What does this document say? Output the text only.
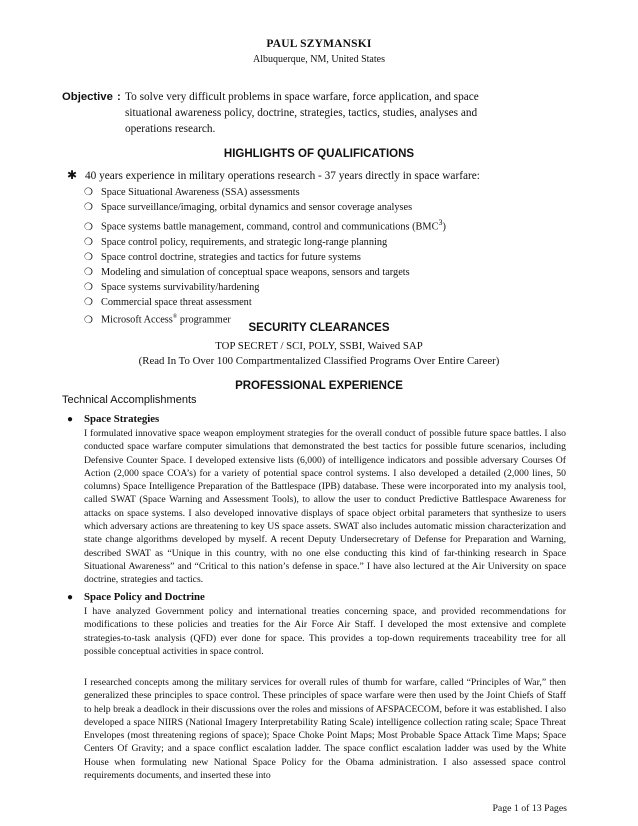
PAUL SZYMANSKI
Albuquerque, NM, United States
Objective : To solve very difficult problems in space warfare, force application, and space
situational awareness policy, doctrine, strategies, tactics, studies, analyses and
operations research.
HIGHLIGHTS OF QUALIFICATIONS
✱ 40 years experience in military operations research - 37 years directly in space warfare:
❍ Space Situational Awareness (SSA) assessments
❍ Space surveillance/imaging, orbital dynamics and sensor coverage analyses
❍ Space systems battle management, command, control and communications (BMC$^3$)
❍ Space control policy, requirements, and strategic long-range planning
❍ Space control doctrine, strategies and tactics for future systems
❍ Modeling and simulation of conceptual space weapons, sensors and targets
❍ Space systems survivability/hardening
❍ Commercial space threat assessment
❍ Microsoft Access® programmer
SECURITY CLEARANCES
TOP SECRET / SCI, POLY, SSBI, Waived SAP
(Read In To Over 100 Compartmentalized Classified Programs Over Entire Career)
PROFESSIONAL EXPERIENCE
Technical Accomplishments
● Space Strategies
I formulated innovative space weapon employment strategies for the overall conduct of possible future space battles. I also conducted space warfare computer simulations that demonstrated the best tactics for possible future scenarios, including Defensive Counter Space. I developed extensive lists (6,000) of intelligence indicators and possible adversary Courses Of Action (2,000 space COA’s) for a variety of potential space control systems. I also developed a detailed (2,000 lines, 50 columns) Space Intelligence Preparation of the Battlespace (IPB) database. These were incorporated into my analysis tool, called SWAT (Space Warning and Assessment Tools), to allow the user to conduct Predictive Battlespace Awareness for attacks on space systems. I also developed innovative displays of space object orbital parameters that synthesize to users which adversary actions are threatening to key US space assets. SWAT also includes automatic mission characterization and state change algorithms developed by myself. A recent Deputy Undersecretary of Defense for Preparation and Warning, described SWAT as “Unique in this country, with no one else conducting this kind of far-thinking research in Space Situational Awareness” and “Critical to this nation’s defense in space.” I have also lectured at the Air University on space doctrine, strategies and tactics.
● Space Policy and Doctrine
I have analyzed Government policy and international treaties concerning space, and provided recommendations for modifications to these policies and treaties for the Air Force Air Staff. I developed the most extensive and complete strategies-to-task analysis (QFD) ever done for space. This provides a top-down requirements traceability tree for all possible conceptual activities in space control.
I researched concepts among the military services for overall rules of thumb for warfare, called “Principles of War,” then generalized these principles to space control. These principles of space warfare were then used by the Joint Chiefs of Staff to help break a deadlock in their discussions over the roles and missions of AFSPACECOM, before it was established. I also developed a space NIIRS (National Imagery Interpretability Rating Scale) intelligence collection rating scale; Space Threat Envelopes (most threatening regions of space); Space Choke Point Maps; Most Probable Space Attack Time Maps; Space Centers Of Gravity; and a space conflict escalation ladder. The space conflict escalation ladder was used by the White House when formulating new National Space Policy for the Obama administration. I also assessed space control requirements documents, and inserted these into
Page 1 of 13 Pages
